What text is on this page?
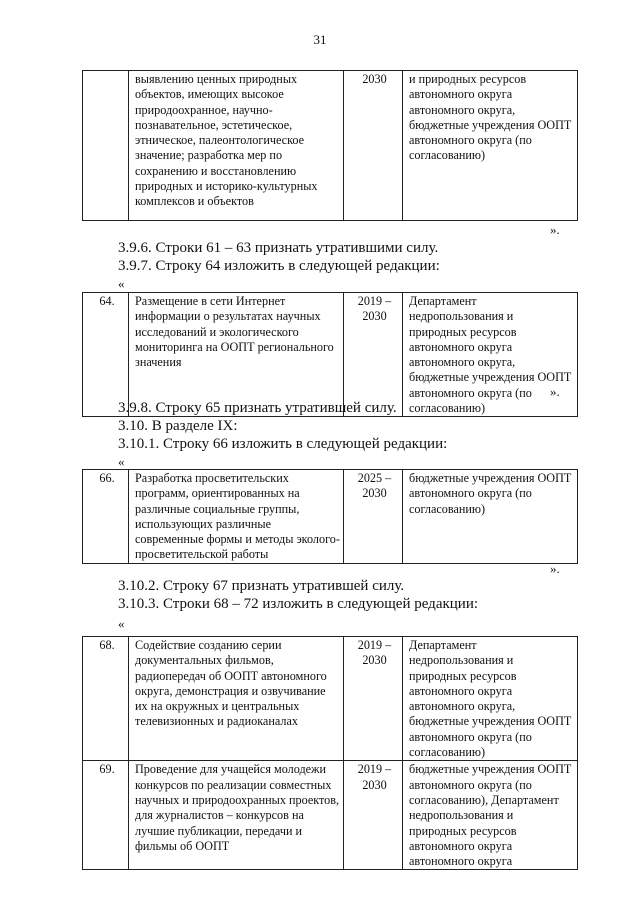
31
	выявлению ценных природных объектов, имеющих высокое природоохранное, научно-познавательное, эстетическое, этническое, палеонтологическое значение; разработка мер по сохранению и восстановлению природных и историко-культурных комплексов и объектов	2030	и природных ресурсов автономного округа автономного округа, бюджетные учреждения ООПТ автономного округа (по согласованию)
».
3.9.6. Строки 61 – 63 признать утратившими силу.
3.9.7. Строку 64 изложить в следующей редакции:
«
64.	Размещение в сети Интернет информации о результатах научных исследований и экологического мониторинга на ООПТ регионального значения	2019 – 2030	Департамент недропользования и природных ресурсов автономного округа автономного округа, бюджетные учреждения ООПТ автономного округа (по согласованию)
».
3.9.8. Строку 65 признать утратившей силу.
3.10. В разделе IX:
3.10.1. Строку 66 изложить в следующей редакции:
«
66.	Разработка просветительских программ, ориентированных на различные социальные группы, использующих различные современные формы и методы эколого-просветительской работы	2025 – 2030	бюджетные учреждения ООПТ автономного округа (по согласованию)
».
3.10.2. Строку 67 признать утратившей силу.
3.10.3. Строки 68 – 72 изложить в следующей редакции:
«
68.	Содействие созданию серии документальных фильмов, радиопередач об ООПТ автономного округа, демонстрация и озвучивание их на окружных и центральных телевизионных и радиоканалах	2019 – 2030	Департамент недропользования и природных ресурсов автономного округа автономного округа, бюджетные учреждения ООПТ автономного округа (по согласованию)
69.	Проведение для учащейся молодежи конкурсов по реализации совместных научных и природоохранных проектов, для журналистов – конкурсов на лучшие публикации, передачи и фильмы об ООПТ	2019 – 2030	бюджетные учреждения ООПТ автономного округа (по согласованию), Департамент недропользования и природных ресурсов автономного округа автономного округа
